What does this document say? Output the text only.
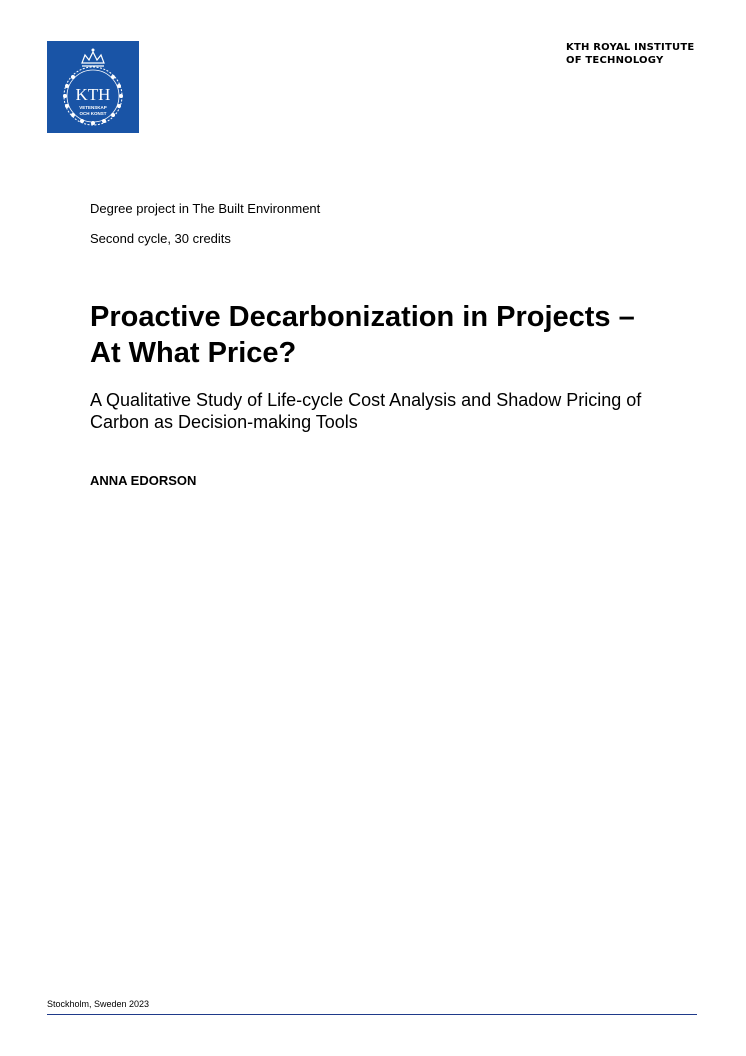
KTH
VETENSKAP
OCH KONST
KTH ROYAL INSTITUTE
OF TECHNOLOGY
Degree project in The Built Environment
Second cycle, 30 credits
Proactive Decarbonization in Projects – At What Price?

A Qualitative Study of Life-cycle Cost Analysis and Shadow Pricing of Carbon as Decision-making Tools

ANNA EDORSON
Stockholm, Sweden 2023
